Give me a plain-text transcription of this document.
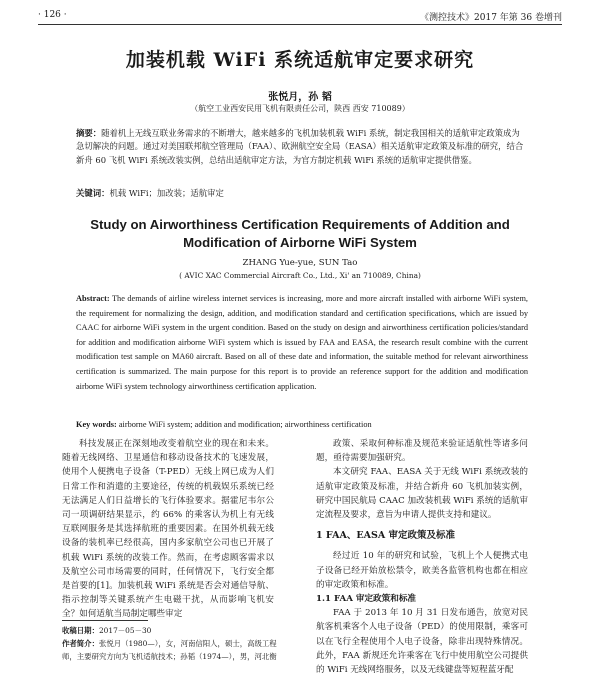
· 126 ·	《测控技术》2017 年第 36 卷增刊
加装机载 WiFi 系统适航审定要求研究
张悦月，孙 韬
（航空工业西安民用飞机有限责任公司，陕西 西安 710089）
摘要：随着机上无线互联业务需求的不断增大，越来越多的飞机加装机载 WiFi 系统，制定我国相关的适航审定政策成为急切解决的问题。通过对美国联邦航空管理局（FAA）、欧洲航空安全局（EASA）相关适航审定政策及标准的研究，结合新舟 60 飞机 WiFi 系统改装实例，总结出适航审定方法，为官方制定机载 WiFi 系统的适航审定提供借鉴。
关键词：机载 WiFi；加改装；适航审定
Study on Airworthiness Certification Requirements of Addition and
Modification of Airborne WiFi System
ZHANG Yue-yue, SUN Tao
( AVIC XAC Commercial Aircraft Co., Ltd., Xi' an 710089, China)
Abstract: The demands of airline wireless internet services is increasing, more and more aircraft installed with airborne WiFi system, the requirement for normalizing the design, addition, and modification standard and certification specifications, which are issued by CAAC for airborne WiFi system in the urgent condition. Based on the study on design and airworthiness certification policies/standard for addition and modification airborne WiFi system which is issued by FAA and EASA, the research result combine with the current modification test sample on MA60 aircraft. Based on all of these date and information, the suitable method for relevant airworthiness certification is summarized. The main purpose for this report is to provide an reference support for the addition and modification airborne WiFi system technology airworthiness certification application.
Key words: airborne WiFi system; addition and modification; airworthiness certification

科技发展正在深刻地改变着航空业的现在和未来。随着无线网络、卫星通信和移动设备技术的飞速发展，使用个人便携电子设备（T-PED）无线上网已成为人们日常工作和消遣的主要途径，传统的机载娱乐系统已经无法满足人们日益增长的飞行体验要求。据霍尼韦尔公司一项调研结果显示，约 66% 的乘客认为机上有无线互联网服务是其选择航班的重要因素。在国外机载无线设备的装机率已经很高，国内多家航空公司也已开展了机载 WiFi 系统的改装工作。然而，在考虑顾客需求以及航空公司市场需要的同时，任何情况下，飞行安全都是首要的[1]。加装机载 WiFi 系统是否会对通信导航、指示控制等关键系统产生电磁干扰，从而影响飞机安全？如何适航当局制定哪些审定

政策、采取何种标准及规范来验证适航性等诸多问题，亟待需要加强研究。

本文研究 FAA、EASA 关于无线 WiFi 系统改装的适航审定政策及标准，并结合新舟 60 飞机加装实例，研究中国民航局 CAAC 加改装机载 WiFi 系统的适航审定流程及要求，意旨为申请人提供支持和建议。

1 FAA、EASA 审定政策及标准

经过近 10 年的研究和试验，飞机上个人便携式电子设备已经开始放松禁令，欧美各监管机构也都在相应的审定政策和标准。

1.1 FAA 审定政策和标准

FAA 于 2013 年 10 月 31 日发布通告，放宽对民航客机乘客个人电子设备（PED）的使用限制，乘客可以在飞行全程使用个人电子设备，除非出现特殊情况。此外，FAA 新规还允许乘客在飞行中使用航空公司提供的 WiFi 无线网络服务，以及无线键盘等短程蓝牙配

收稿日期：2017－05－30
作者简介：张悦月（1980—），女，河南信阳人，硕士，高级工程师，主要研究方向为飞机适航技术；孙韬（1974—），男，河北衡
